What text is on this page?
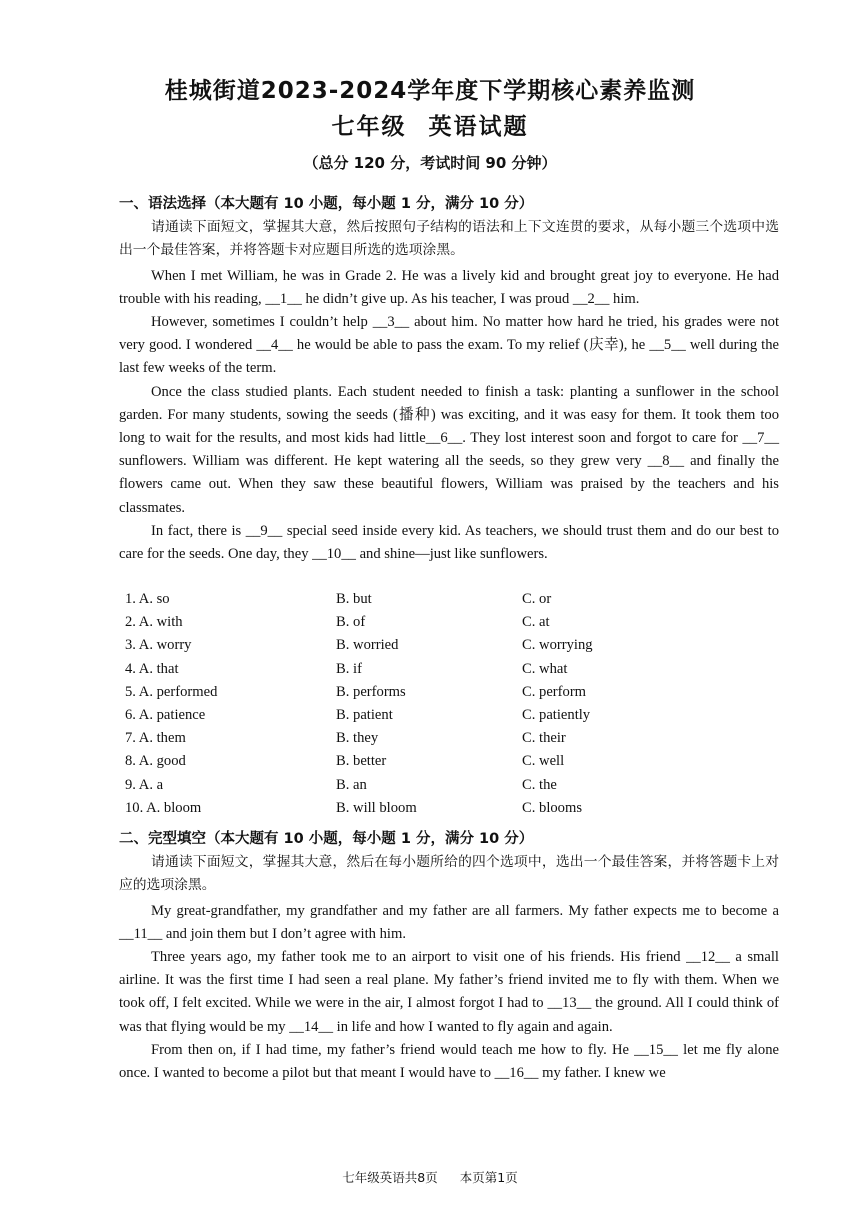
桂城街道2023-2024学年度下学期核心素养监测
七年级 英语试题
（总分 120 分，考试时间 90 分钟）
一、语法选择（本大题有 10 小题，每小题 1 分，满分 10 分）

请通读下面短文，掌握其大意，然后按照句子结构的语法和上下文连贯的要求，从每小题三个选项中选出一个最佳答案，并将答题卡对应题目所选的选项涂黑。

When I met William, he was in Grade 2. He was a lively kid and brought great joy to everyone. He had trouble with his reading, __1__ he didn’t give up. As his teacher, I was proud __2__ him.

However, sometimes I couldn’t help __3__ about him. No matter how hard he tried, his grades were not very good. I wondered __4__ he would be able to pass the exam. To my relief (庆幸), he __5__ well during the last few weeks of the term.

Once the class studied plants. Each student needed to finish a task: planting a sunflower in the school garden. For many students, sowing the seeds (播种) was exciting, and it was easy for them. It took them too long to wait for the results, and most kids had little__6__. They lost interest soon and forgot to care for __7__ sunflowers. William was different. He kept watering all the seeds, so they grew very __8__ and finally the flowers came out. When they saw these beautiful flowers, William was praised by the teachers and his classmates.

In fact, there is __9__ special seed inside every kid. As teachers, we should trust them and do our best to care for the seeds. One day, they __10__ and shine—just like sunflowers.

1. A. so	B. but	C. or
2. A. with	B. of	C. at
3. A. worry	B. worried	C. worrying
4. A. that	B. if	C. what
5. A. performed	B. performs	C. perform
6. A. patience	B. patient	C. patiently
7. A. them	B. they	C. their
8. A. good	B. better	C. well
9. A. a	B. an	C. the
10. A. bloom	B. will bloom	C. blooms
二、完型填空（本大题有 10 小题，每小题 1 分，满分 10 分）

请通读下面短文，掌握其大意，然后在每小题所给的四个选项中，选出一个最佳答案，并将答题卡上对应的选项涂黑。

My great-grandfather, my grandfather and my father are all farmers. My father expects me to become a __11__ and join them but I don’t agree with him.

Three years ago, my father took me to an airport to visit one of his friends. His friend __12__ a small airline. It was the first time I had seen a real plane. My father’s friend invited me to fly with them. When we took off, I felt excited. While we were in the air, I almost forgot I had to __13__ the ground. All I could think of was that flying would be my __14__ in life and how I wanted to fly again and again.

From then on, if I had time, my father’s friend would teach me how to fly. He __15__ let me fly alone once. I wanted to become a pilot but that meant I would have to __16__ my father. I knew we

七年级英语共8页 本页第1页
